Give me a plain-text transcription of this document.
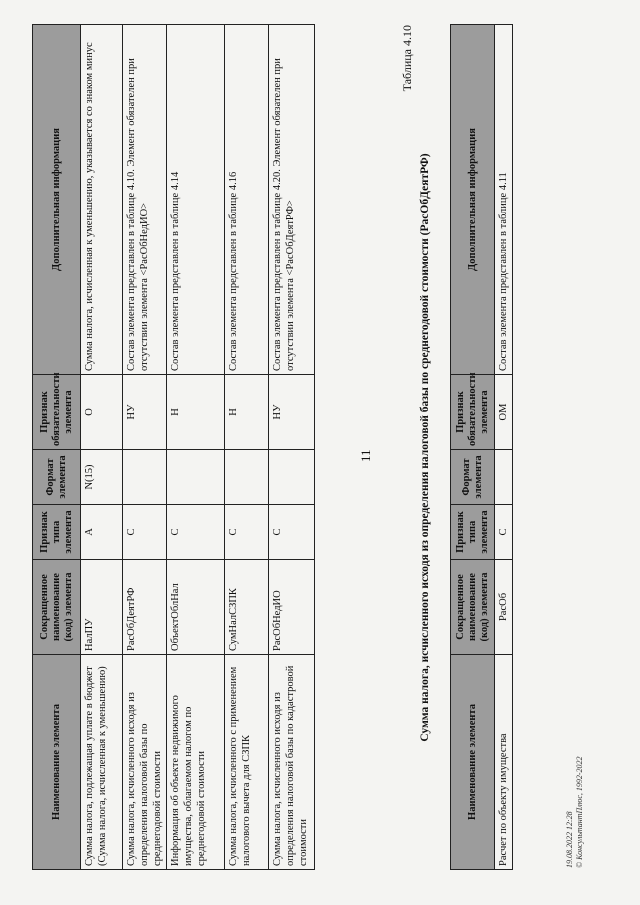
11
Наименование элемента	Сокращенное наименование (код) элемента	Признак типа элемента	Формат элемента	Признак обязательности элемента	Дополнительная информация
Сумма налога, подлежащая уплате в бюджет (Сумма налога, исчисленная к уменьшению)	НалПУ	А	N(15)	О	Сумма налога, исчисленная к уменьшению, указывается со знаком минус
Сумма налога, исчисленного исходя из определения налоговой базы по среднегодовой стоимости	РасОбДеятРФ	С		НУ	Состав элемента представлен в таблице 4.10. Элемент обязателен при отсутствии элемента <РасОбНедИО>
Информация об объекте недвижимого имущества, облагаемом налогом по среднегодовой стоимости	ОбъектОблНал	С		Н	Состав элемента представлен в таблице 4.14
Сумма налога, исчисленного с применением налогового вычета для СЗПК	СумНалСЗПК	С		Н	Состав элемента представлен в таблице 4.16
Сумма налога, исчисленного исходя из определения налоговой базы по кадастровой стоимости	РасОбНедИО	С		НУ	Состав элемента представлен в таблице 4.20. Элемент обязателен при отсутствии элемента <РасОбДеятРФ>
Таблица 4.10
Сумма налога, исчисленного исходя из определения налоговой базы по среднегодовой стоимости (РасОбДеятРФ)
Наименование элемента	Сокращенное наименование (код) элемента	Признак типа элемента	Формат элемента	Признак обязательности элемента	Дополнительная информация
Расчет по объекту имущества	РасОб	С		ОМ	Состав элемента представлен в таблице 4.11
19.08.2022 12:28 © КонсультантПлюс, 1992-2022
